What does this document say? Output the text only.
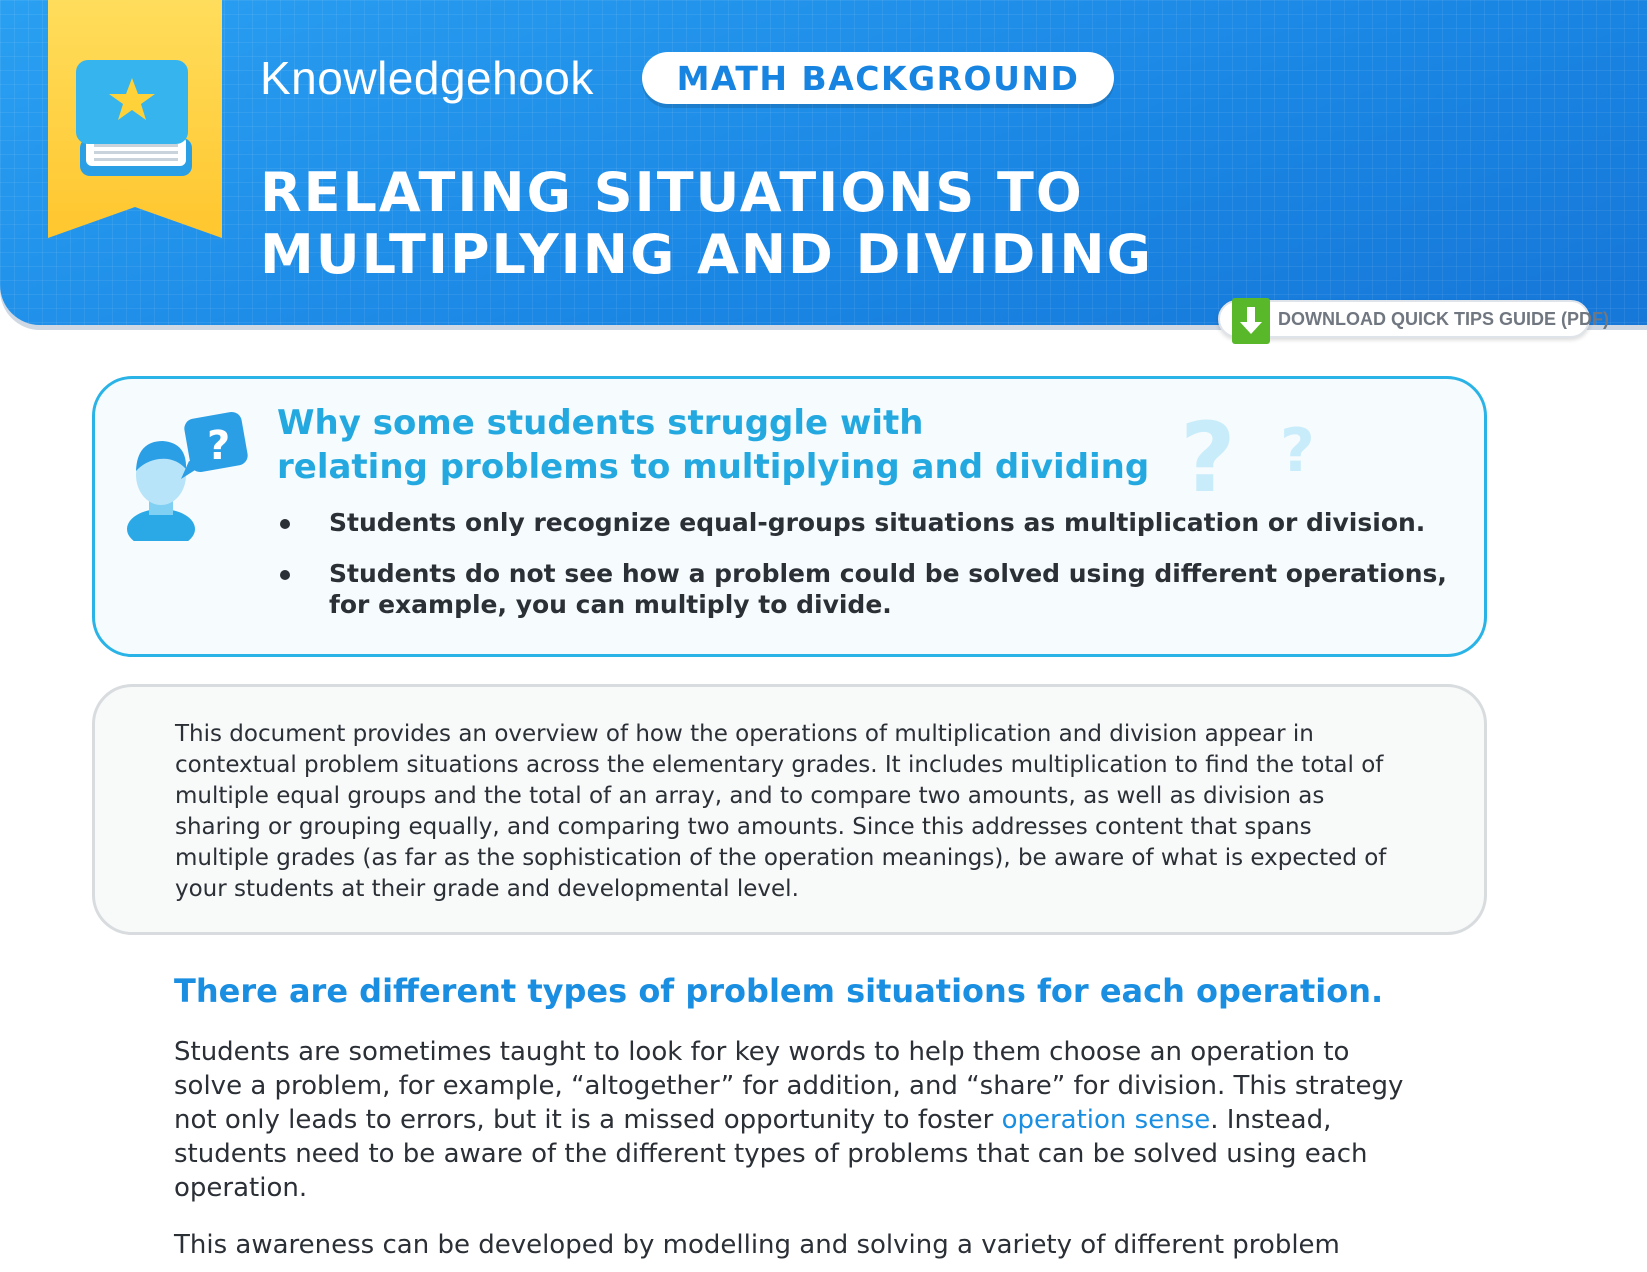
Knowledgehook	MATH BACKGROUND
RELATING SITUATIONS TO
MULTIPLYING AND DIVIDING
DOWNLOAD QUICK TIPS GUIDE (PDF)
? Why some students struggle with
relating problems to multiplying and dividing ? ?
Students only recognize equal-groups situations as multiplication or division.
Students do not see how a problem could be solved using different operations, for example, you can multiply to divide.

This document provides an overview of how the operations of multiplication and division appear in contextual problem situations across the elementary grades. It includes multiplication to find the total of multiple equal groups and the total of an array, and to compare two amounts, as well as division as sharing or grouping equally, and comparing two amounts. Since this addresses content that spans multiple grades (as far as the sophistication of the operation meanings), be aware of what is expected of your students at their grade and developmental level.

There are different types of problem situations for each operation.

Students are sometimes taught to look for key words to help them choose an operation to solve a problem, for example, “altogether” for addition, and “share” for division. This strategy not only leads to errors, but it is a missed opportunity to foster operation sense. Instead, students need to be aware of the different types of problems that can be solved using each operation.

This awareness can be developed by modelling and solving a variety of different problem
